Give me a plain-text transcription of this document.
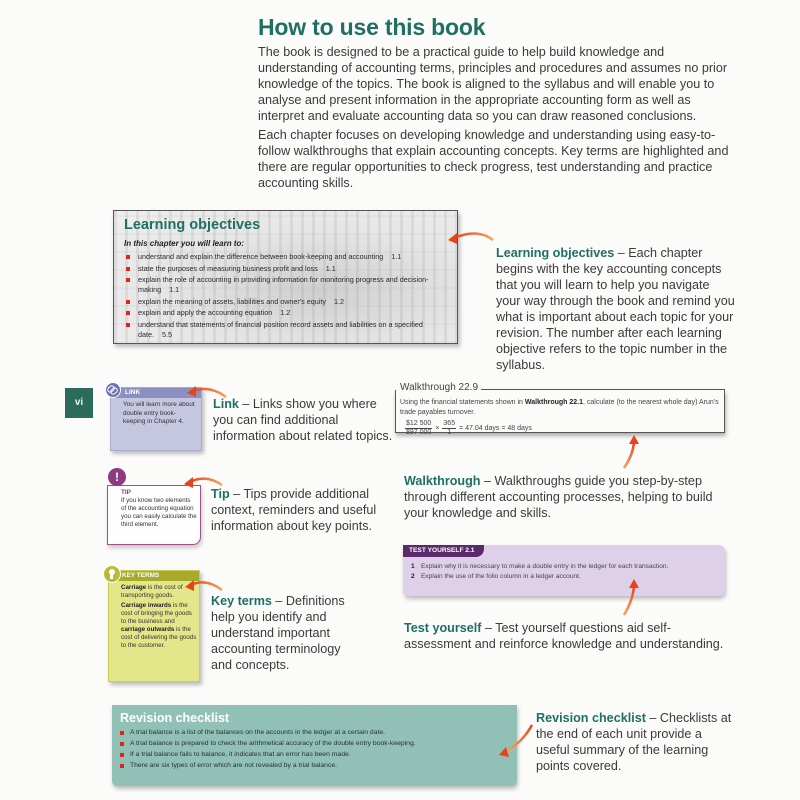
How to use this book

The book is designed to be a practical guide to help build knowledge and understanding of accounting terms, principles and procedures and assumes no prior knowledge of the topics. The book is aligned to the syllabus and will enable you to analyse and present information in the appropriate accounting form as well as interpret and evaluate accounting data so you can draw reasoned conclusions.

Each chapter focuses on developing knowledge and understanding using easy-to-follow walkthroughs that explain accounting concepts. Key terms are highlighted and there are regular opportunities to check progress, test understanding and practice accounting skills.

Learning objectives
In this chapter you will learn to:
understand and explain the difference between book-keeping and accounting 1.1
state the purposes of measuring business profit and loss 1.1
explain the role of accounting in providing information for monitoring progress and decision-making 1.1
explain the meaning of assets, liabilities and owner's equity 1.2
explain and apply the accounting equation 1.2
understand that statements of financial position record assets and liabilities on a specified date. 5.5

Learning objectives – Each chapter begins with the key accounting concepts that you will learn to help you navigate your way through the book and remind you what is important about each topic for your revision. The number after each learning objective refers to the topic number in the syllabus.

vi
LINK
You will learn more about double entry book-keeping in Chapter 4.

Link – Links show you where you can find additional information about related topics.

Walkthrough 22.9
Using the financial statements shown in Walkthrough 22.1, calculate (to the nearest whole day) Arun's trade payables turnover.
$\frac{\$12 500}{\$97 000} \times \frac{365}{1} = 47.04$ days = 48 days

Walkthrough – Walkthroughs guide you step-by-step through different accounting processes, helping to build your knowledge and skills.

TIP
If you know two elements of the accounting equation you can easily calculate the third element.
!

Tip – Tips provide additional context, reminders and useful information about key points.

KEY TERMS

Carriage is the cost of transporting goods.

Carriage inwards is the cost of bringing the goods to the business and carriage outwards is the cost of delivering the goods to the customer.

Key terms – Definitions help you identify and understand important accounting terminology and concepts.

TEST YOURSELF 2.1
1 Explain why it is necessary to make a double entry in the ledger for each transaction.
2 Explain the use of the folio column in a ledger account.

Test yourself – Test yourself questions aid self-assessment and reinforce knowledge and understanding.

Revision checklist
A trial balance is a list of the balances on the accounts in the ledger at a certain date.
A trial balance is prepared to check the arithmetical accuracy of the double entry book-keeping.
If a trial balance fails to balance, it indicates that an error has been made.
There are six types of error which are not revealed by a trial balance.

Revision checklist – Checklists at the end of each unit provide a useful summary of the learning points covered.
